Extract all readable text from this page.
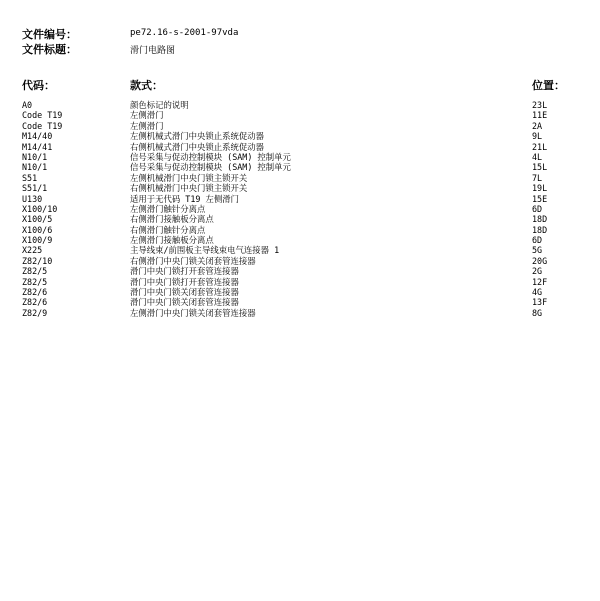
文件编号：	pe72.16-s-2001-97vda
文件标题：	滑门电路图
代码：	款式：	位置：
A0	颜色标记的说明	23L
Code T19	左侧滑门	11E
Code T19	左侧滑门	2A
M14/40	左侧机械式滑门中央锁止系统促动器	9L
M14/41	右侧机械式滑门中央锁止系统促动器	21L
N10/1	信号采集与促动控制模块 (SAM) 控制单元	4L
N10/1	信号采集与促动控制模块 (SAM) 控制单元	15L
S51	左侧机械滑门中央门锁主锁开关	7L
S51/1	右侧机械滑门中央门锁主锁开关	19L
U130	适用于无代码 T19 左侧滑门	15E
X100/10	左侧滑门触针分离点	6D
X100/5	右侧滑门接触板分离点	18D
X100/6	右侧滑门触针分离点	18D
X100/9	左侧滑门接触板分离点	6D
X225	主导线束/前围板主导线束电气连接器 1	5G
Z82/10	右侧滑门中央门锁关闭套管连接器	20G
Z82/5	滑门中央门锁打开套管连接器	2G
Z82/5	滑门中央门锁打开套管连接器	12F
Z82/6	滑门中央门锁关闭套管连接器	4G
Z82/6	滑门中央门锁关闭套管连接器	13F
Z82/9	左侧滑门中央门锁关闭套管连接器	8G
